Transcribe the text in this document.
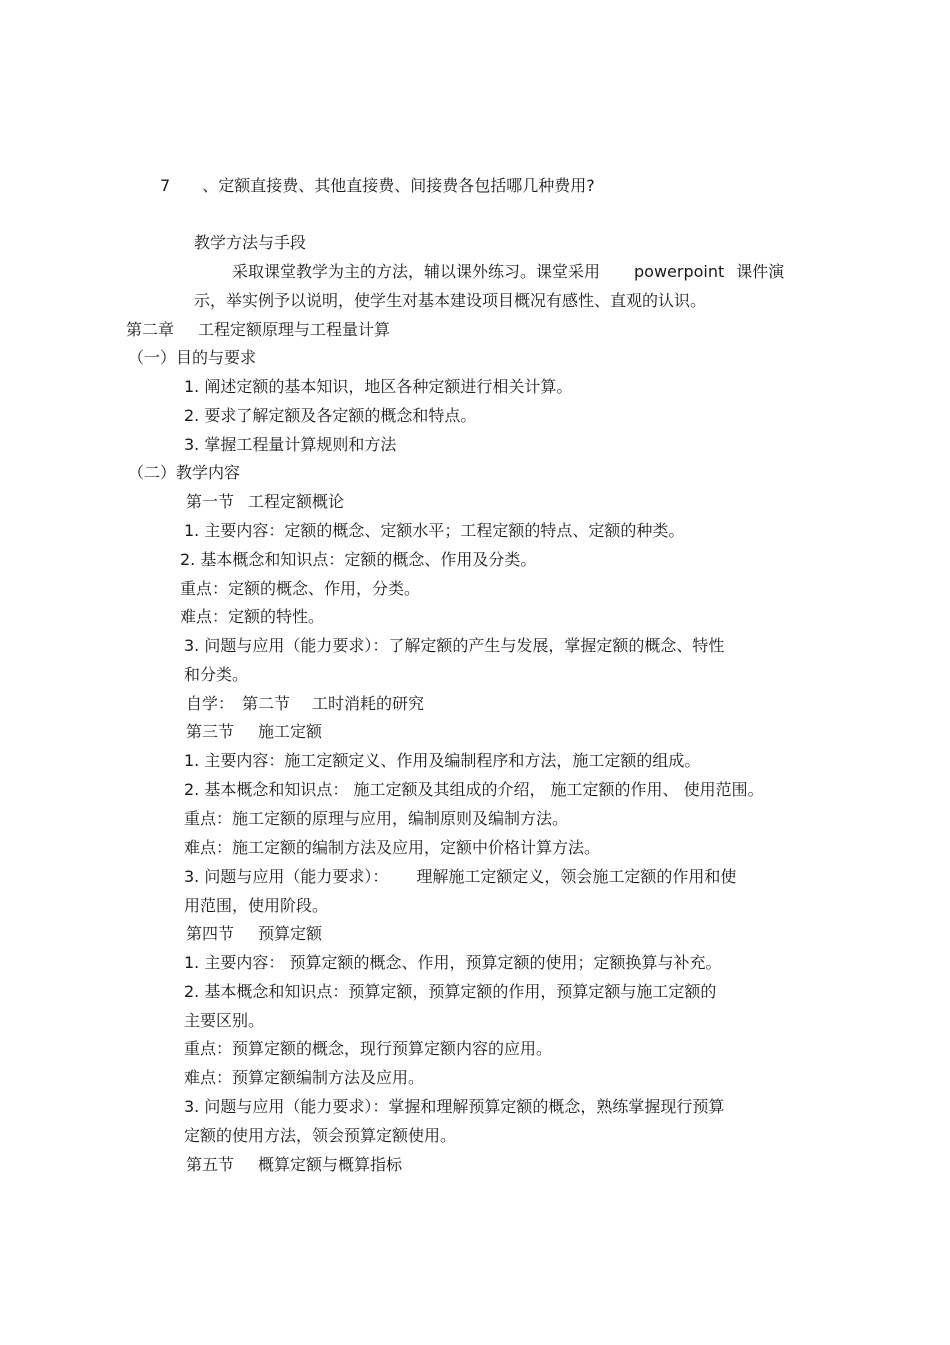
7 、定额直接费、其他直接费、间接费各包括哪几种费用?
教学方法与手段
采取课堂教学为主的方法，辅以课外练习。课堂采用 powerpoint 课件演
示，举实例予以说明，使学生对基本建设项目概况有感性、直观的认识。
第二章 工程定额原理与工程量计算
（一）目的与要求
1. 阐述定额的基本知识，地区各种定额进行相关计算。
2. 要求了解定额及各定额的概念和特点。
3. 掌握工程量计算规则和方法
（二）教学内容
第一节 工程定额概论
1. 主要内容：定额的概念、定额水平；工程定额的特点、定额的种类。
2. 基本概念和知识点：定额的概念、作用及分类。
重点：定额的概念、作用，分类。
难点：定额的特性。
3. 问题与应用（能力要求）：了解定额的产生与发展，掌握定额的概念、特性
和分类。
自学： 第二节 工时消耗的研究
第三节 施工定额
1. 主要内容：施工定额定义、作用及编制程序和方法，施工定额的组成。
2. 基本概念和知识点： 施工定额及其组成的介绍， 施工定额的作用、 使用范围。
重点：施工定额的原理与应用，编制原则及编制方法。
难点：施工定额的编制方法及应用，定额中价格计算方法。
3. 问题与应用（能力要求）： 理解施工定额定义，领会施工定额的作用和使
用范围，使用阶段。
第四节 预算定额
1. 主要内容： 预算定额的概念、作用，预算定额的使用；定额换算与补充。
2. 基本概念和知识点：预算定额，预算定额的作用，预算定额与施工定额的
主要区别。
重点：预算定额的概念，现行预算定额内容的应用。
难点：预算定额编制方法及应用。
3. 问题与应用（能力要求）：掌握和理解预算定额的概念，熟练掌握现行预算
定额的使用方法，领会预算定额使用。
第五节 概算定额与概算指标
